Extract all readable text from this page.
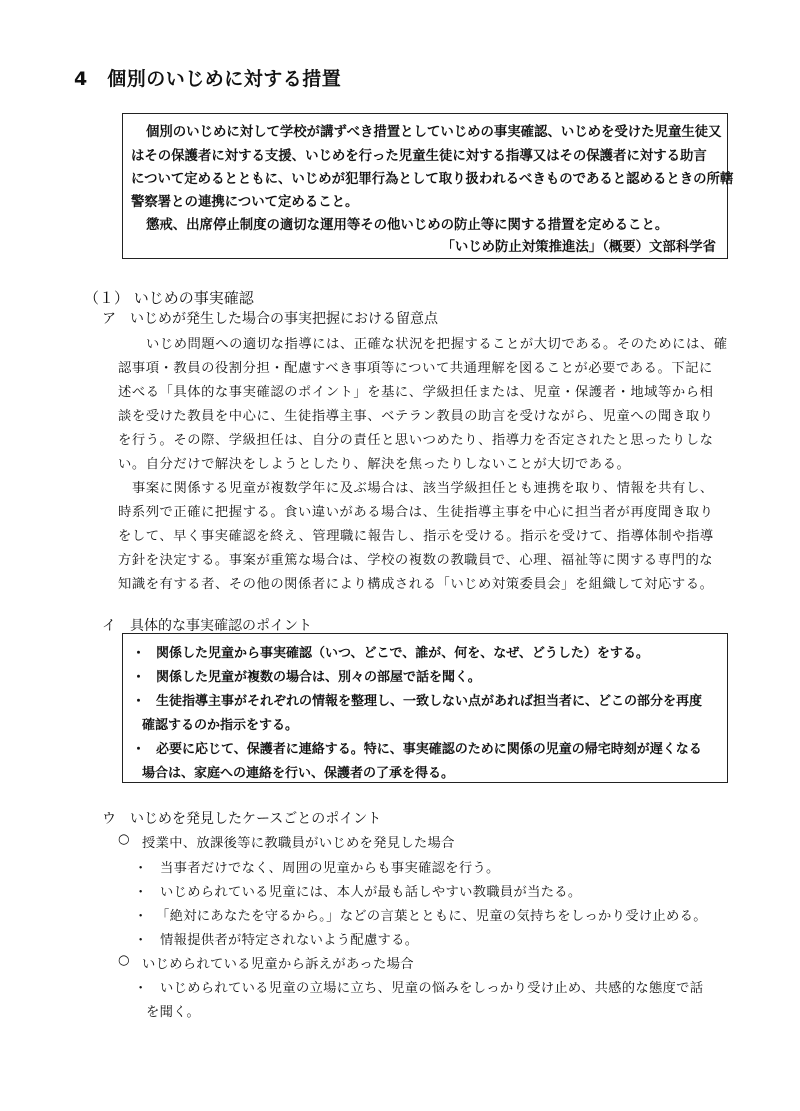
4　個別のいじめに対する措置
個別のいじめに対して学校が講ずべき措置としていじめの事実確認、いじめを受けた児童生徒又
はその保護者に対する支援、いじめを行った児童生徒に対する指導又はその保護者に対する助言
について定めるとともに、いじめが犯罪行為として取り扱われるべきものであると認めるときの所轄
警察署との連携について定めること。
懲戒、出席停止制度の適切な運用等その他いじめの防止等に関する措置を定めること。
「いじめ防止対策推進法」（概要）文部科学省
（１） いじめの事実確認
ア　いじめが発生した場合の事実把握における留意点
いじめ問題への適切な指導には、正確な状況を把握することが大切である。そのためには、確
認事項・教員の役割分担・配慮すべき事項等について共通理解を図ることが必要である。下記に
述べる「具体的な事実確認のポイント」を基に、学級担任または、児童・保護者・地域等から相
談を受けた教員を中心に、生徒指導主事、ベテラン教員の助言を受けながら、児童への聞き取り
を行う。その際、学級担任は、自分の責任と思いつめたり、指導力を否定されたと思ったりしな
い。自分だけで解決をしようとしたり、解決を焦ったりしないことが大切である。
事案に関係する児童が複数学年に及ぶ場合は、該当学級担任とも連携を取り、情報を共有し、
時系列で正確に把握する。食い違いがある場合は、生徒指導主事を中心に担当者が再度聞き取り
をして、早く事実確認を終え、管理職に報告し、指示を受ける。指示を受けて、指導体制や指導
方針を決定する。事案が重篤な場合は、学校の複数の教職員で、心理、福祉等に関する専門的な
知識を有する者、その他の関係者により構成される「いじめ対策委員会」を組織して対応する。
イ　具体的な事実確認のポイント
・ 関係した児童から事実確認（いつ、どこで、誰が、何を、なぜ、どうした）をする。
・ 関係した児童が複数の場合は、別々の部屋で話を聞く。
・ 生徒指導主事がそれぞれの情報を整理し、一致しない点があれば担当者に、どこの部分を再度
確認するのか指示をする。
・ 必要に応じて、保護者に連絡する。特に、事実確認のために関係の児童の帰宅時刻が遅くなる
場合は、家庭への連絡を行い、保護者の了承を得る。
ウ　いじめを発見したケースごとのポイント
○ 授業中、放課後等に教職員がいじめを発見した場合
・ 当事者だけでなく、周囲の児童からも事実確認を行う。
・ いじめられている児童には、本人が最も話しやすい教職員が当たる。
・ 「絶対にあなたを守るから。」などの言葉とともに、児童の気持ちをしっかり受け止める。
・ 情報提供者が特定されないよう配慮する。
○ いじめられている児童から訴えがあった場合
・ いじめられている児童の立場に立ち、児童の悩みをしっかり受け止め、共感的な態度で話
を聞く。
